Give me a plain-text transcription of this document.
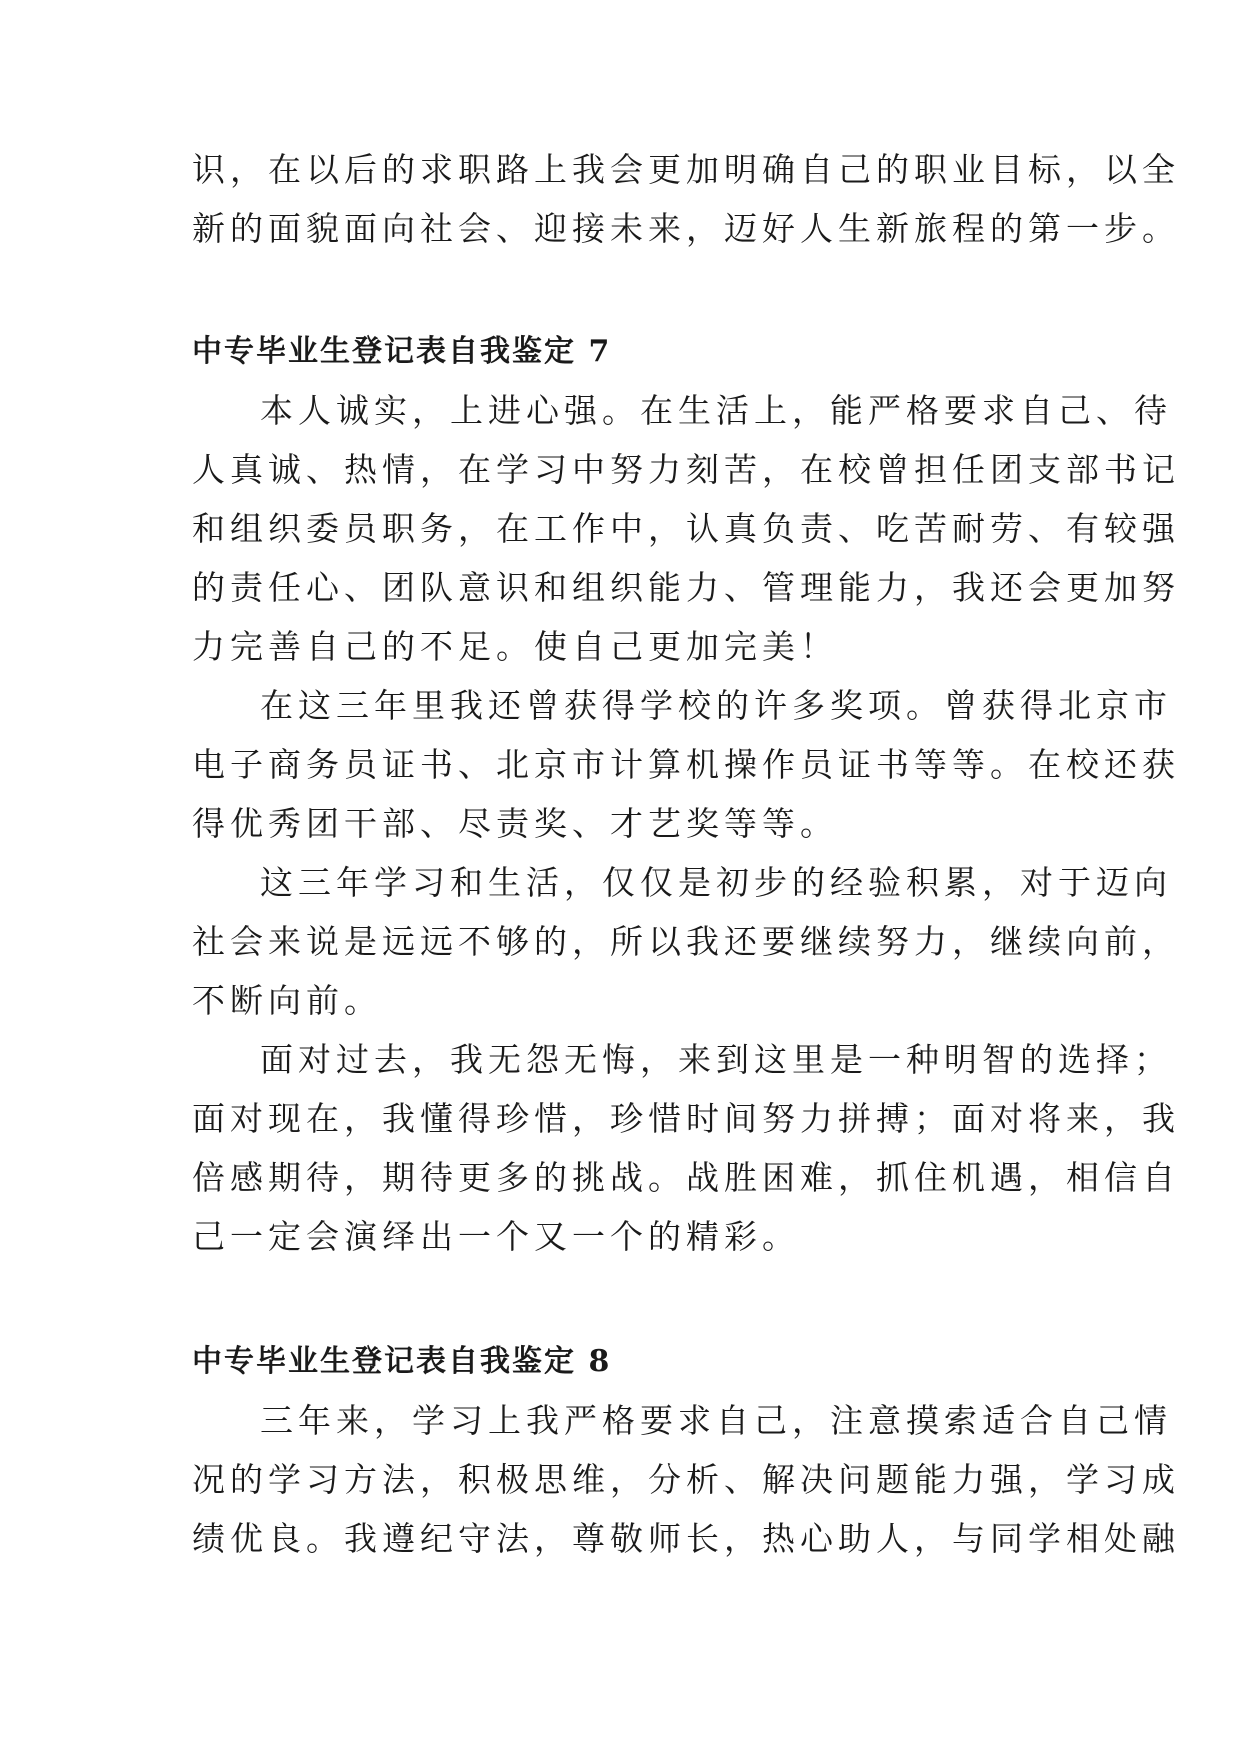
识，在以后的求职路上我会更加明确自己的职业目标，以全

新的面貌面向社会、迎接未来，迈好人生新旅程的第一步。

中专毕业生登记表自我鉴定 7

本人诚实，上进心强。在生活上，能严格要求自己、待

人真诚、热情，在学习中努力刻苦，在校曾担任团支部书记

和组织委员职务，在工作中，认真负责、吃苦耐劳、有较强

的责任心、团队意识和组织能力、管理能力，我还会更加努

力完善自己的不足。使自己更加完美！

在这三年里我还曾获得学校的许多奖项。曾获得北京市

电子商务员证书、北京市计算机操作员证书等等。在校还获

得优秀团干部、尽责奖、才艺奖等等。

这三年学习和生活，仅仅是初步的经验积累，对于迈向

社会来说是远远不够的，所以我还要继续努力，继续向前，

不断向前。

面对过去，我无怨无悔，来到这里是一种明智的选择；

面对现在，我懂得珍惜，珍惜时间努力拼搏；面对将来，我

倍感期待，期待更多的挑战。战胜困难，抓住机遇，相信自

己一定会演绎出一个又一个的精彩。

中专毕业生登记表自我鉴定 8

三年来，学习上我严格要求自己，注意摸索适合自己情

况的学习方法，积极思维，分析、解决问题能力强，学习成

绩优良。我遵纪守法，尊敬师长，热心助人，与同学相处融
